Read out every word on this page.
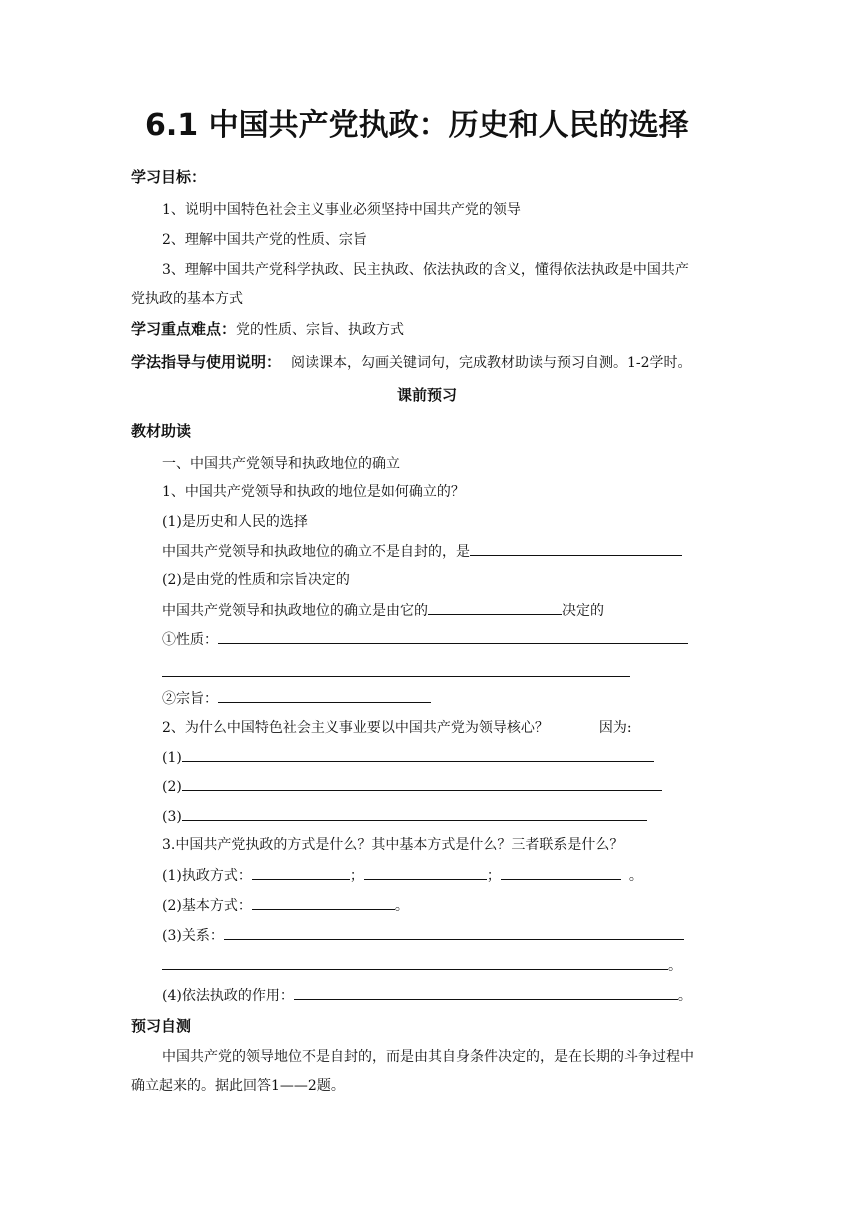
6.1 中国共产党执政：历史和人民的选择
学习目标：
1、说明中国特色社会主义事业必须坚持中国共产党的领导
2、理解中国共产党的性质、宗旨
3、理解中国共产党科学执政、民主执政、依法执政的含义，懂得依法执政是中国共产
党执政的基本方式
学习重点难点：党的性质、宗旨、执政方式
学法指导与使用说明： 阅读课本，勾画关键词句，完成教材助读与预习自测。1-2学时。
课前预习
教材助读
一、中国共产党领导和执政地位的确立
1、中国共产党领导和执政的地位是如何确立的？
(1)是历史和人民的选择
中国共产党领导和执政地位的确立不是自封的，是
(2)是由党的性质和宗旨决定的
中国共产党领导和执政地位的确立是由它的	决定的
①性质：
②宗旨：
2、为什么中国特色社会主义事业要以中国共产党为领导核心？	因为:
(1)
(2)
(3)
3.中国共产党执政的方式是什么？其中基本方式是什么？三者联系是什么？
(1)执政方式：	；	；	。
(2)基本方式：	。
(3)关系：
。
(4)依法执政的作用：	。
预习自测
中国共产党的领导地位不是自封的，而是由其自身条件决定的，是在长期的斗争过程中
确立起来的。据此回答1——2题。
